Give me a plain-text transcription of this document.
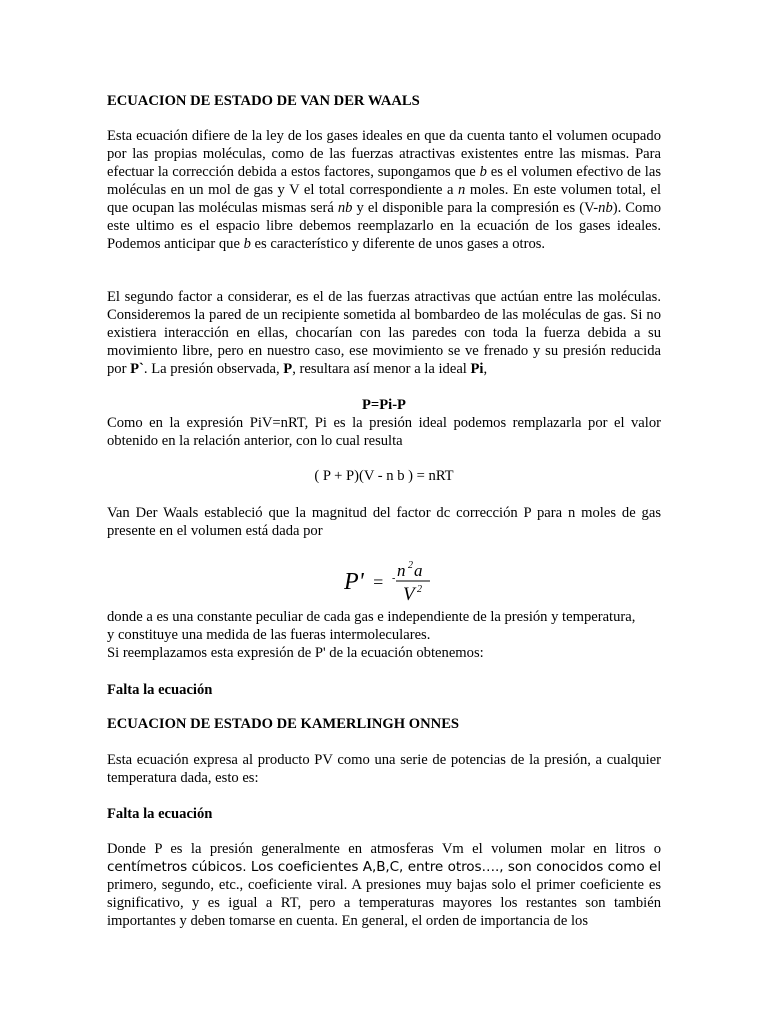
ECUACION DE ESTADO DE VAN DER WAALS

Esta ecuación difiere de la ley de los gases ideales en que da cuenta tanto el volumen ocupado por las propias moléculas, como de las fuerzas atractivas existentes entre las mismas. Para efectuar la corrección debida a estos factores, supongamos que b es el volumen efectivo de las moléculas en un mol de gas y V el total correspondiente a n moles. En este volumen total, el que ocupan las moléculas mismas será nb y el disponible para la compresión es (V-nb). Como este ultimo es el espacio libre debemos reemplazarlo en la ecuación de los gases ideales. Podemos anticipar que b es característico y diferente de unos gases a otros.

El segundo factor a considerar, es el de las fuerzas atractivas que actúan entre las moléculas. Consideremos la pared de un recipiente sometida al bombardeo de las moléculas de gas. Si no existiera interacción en ellas, chocarían con las paredes con toda la fuerza debida a su movimiento libre, pero en nuestro caso, ese movimiento se ve frenado y su presión reducida por P`. La presión observada, P, resultara así menor a la ideal Pi,

P=Pi-P

Como en la expresión PiV=nRT, Pi es la presión ideal podemos remplazarla por el valor obtenido en la relación anterior, con lo cual resulta

( P + P)(V - n b ) = nRT

Van Der Waals estableció que la magnitud del factor dc corrección P para n moles de gas presente en el volumen está dada por

P' = - n 2 a
V 2

donde a es una constante peculiar de cada gas e independiente de la presión y temperatura,
y constituye una medida de las fueras intermoleculares.
Si reemplazamos esta expresión de P' de la ecuación obtenemos:

Falta la ecuación

ECUACION DE ESTADO DE KAMERLINGH ONNES

Esta ecuación expresa al producto PV como una serie de potencias de la presión, a cualquier temperatura dada, esto es:

Falta la ecuación

Donde P es la presión generalmente en atmosferas Vm el volumen molar en litros o centímetros cúbicos. Los coeficientes A,B,C, entre otros…., son conocidos como el primero, segundo, etc., coeficiente viral. A presiones muy bajas solo el primer coeficiente es significativo, y es igual a RT, pero a temperaturas mayores los restantes son también importantes y deben tomarse en cuenta. En general, el orden de importancia de los
